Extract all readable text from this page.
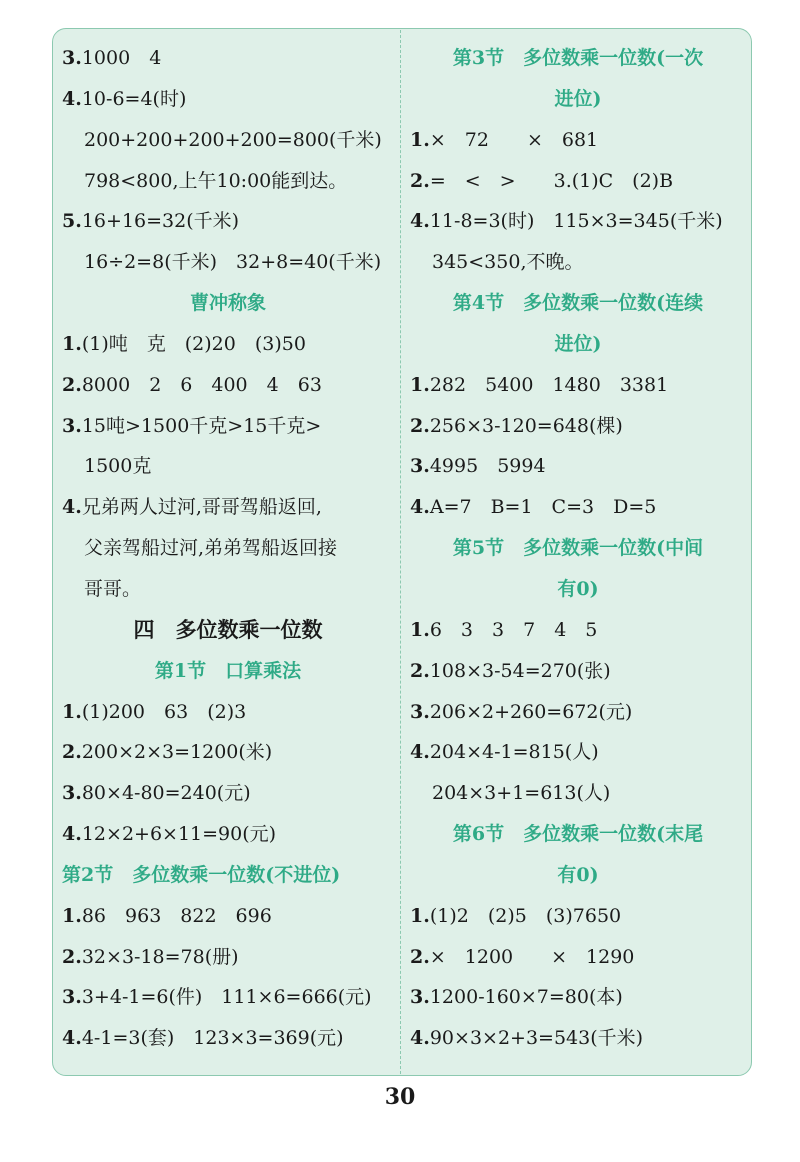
3.1000　4
4.10-6=4(时)
200+200+200+200=800(千米)
798<800,上午10:00能到达。
5.16+16=32(千米)
16÷2=8(千米)　32+8=40(千米)
曹冲称象
1.(1)吨　克　(2)20　(3)50
2.8000　2　6　400　4　63
3.15吨>1500千克>15千克>
1500克
4.兄弟两人过河,哥哥驾船返回,
父亲驾船过河,弟弟驾船返回接
哥哥。
四　多位数乘一位数
第1节　口算乘法
1.(1)200　63　(2)3
2.200×2×3=1200(米)
3.80×4-80=240(元)
4.12×2+6×11=90(元)
第2节　多位数乘一位数(不进位)
1.86　963　822　696
2.32×3-18=78(册)
3.3+4-1=6(件)　111×6=666(元)
4.4-1=3(套)　123×3=369(元)
第3节　多位数乘一位数(一次
进位)
1.×　72　　×　681
2.=　<　>　　3.(1)C　(2)B
4.11-8=3(时)　115×3=345(千米)
345<350,不晚。
第4节　多位数乘一位数(连续
进位)
1.282　5400　1480　3381
2.256×3-120=648(棵)
3.4995　5994
4.A=7　B=1　C=3　D=5
第5节　多位数乘一位数(中间
有0)
1.6　3　3　7　4　5
2.108×3-54=270(张)
3.206×2+260=672(元)
4.204×4-1=815(人)
204×3+1=613(人)
第6节　多位数乘一位数(末尾
有0)
1.(1)2　(2)5　(3)7650
2.×　1200　　×　1290
3.1200-160×7=80(本)
4.90×3×2+3=543(千米)
30
